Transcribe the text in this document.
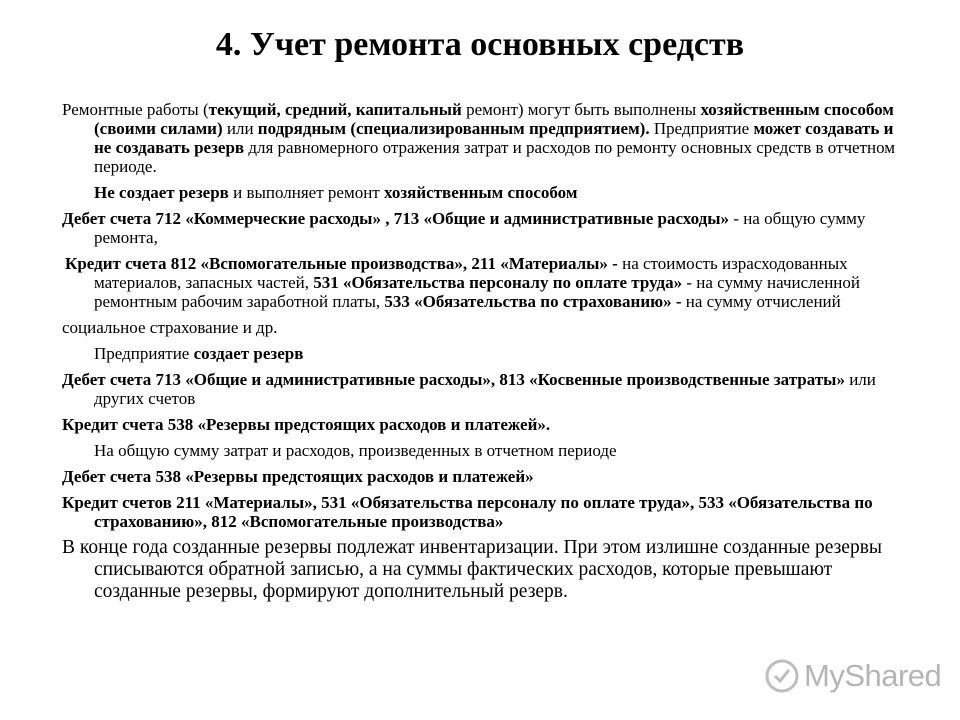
4. Учет ремонта основных средств

Ремонтные работы (текущий, средний, капитальный ремонт) могут быть выполнены хозяйственным способом (своими силами) или подрядным (специализированным предприятием). Предприятие может создавать и не создавать резерв для равномерного отражения затрат и расходов по ремонту основных средств в отчетном периоде.

Не создает резерв и выполняет ремонт хозяйственным способом

Дебет счета 712 «Коммерческие расходы» , 713 «Общие и административные расходы» - на общую сумму ремонта,

Кредит счета 812 «Вспомогательные производства», 211 «Материалы» - на стоимость израсходованных материалов, запасных частей, 531 «Обязательства персоналу по оплате труда» - на сумму начисленной ремонтным рабочим заработной платы, 533 «Обязательства по страхованию» - на сумму отчислений

социальное страхование и др.

Предприятие создает резерв

Дебет счета 713 «Общие и административные расходы», 813 «Косвенные производственные затраты» или других счетов

Кредит счета 538 «Резервы предстоящих расходов и платежей».

На общую сумму затрат и расходов, произведенных в отчетном периоде

Дебет счета 538 «Резервы предстоящих расходов и платежей»

Кредит счетов 211 «Материалы», 531 «Обязательства персоналу по оплате труда», 533 «Обязательства по страхованию», 812 «Вспомогательные производства»

В конце года созданные резервы подлежат инвентаризации. При этом излишне созданные резервы списываются обратной записью, а на суммы фактических расходов, которые превышают созданные резервы, формируют дополнительный резерв.

MyShared
